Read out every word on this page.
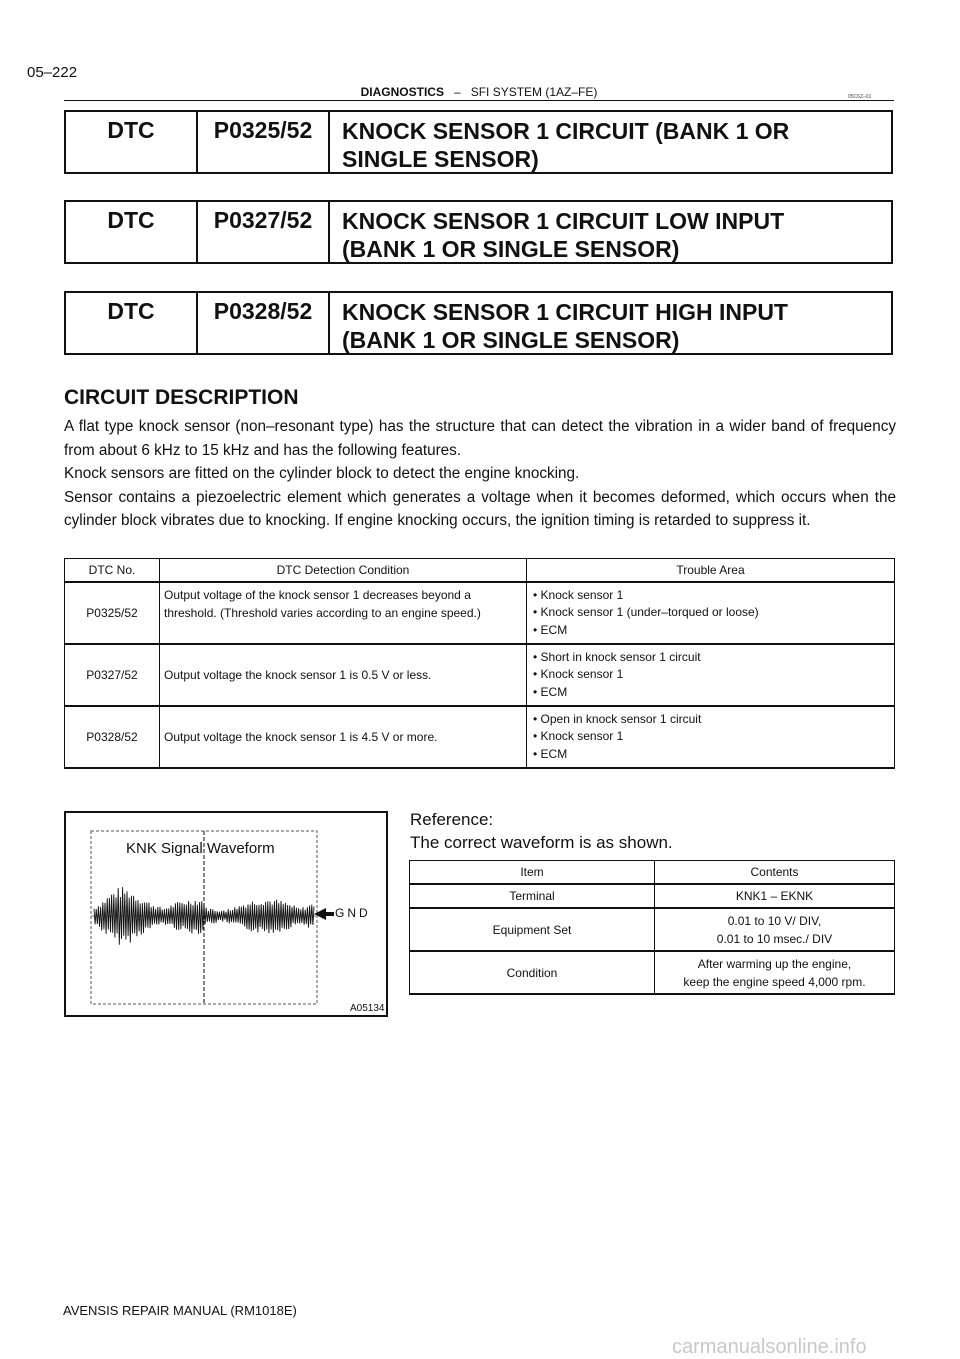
05–222
DIAGNOSTICS – SFI SYSTEM (1AZ–FE)	05C6Z–01
DTC	P0325/52	KNOCK SENSOR 1 CIRCUIT (BANK 1 OR
SINGLE SENSOR)
DTC	P0327/52	KNOCK SENSOR 1 CIRCUIT LOW INPUT
(BANK 1 OR SINGLE SENSOR)
DTC	P0328/52	KNOCK SENSOR 1 CIRCUIT HIGH INPUT
(BANK 1 OR SINGLE SENSOR)
CIRCUIT DESCRIPTION

A flat type knock sensor (non–resonant type) has the structure that can detect the vibration in a wider band of frequency from about 6 kHz to 15 kHz and has the following features.

Knock sensors are fitted on the cylinder block to detect the engine knocking.

Sensor contains a piezoelectric element which generates a voltage when it becomes deformed, which occurs when the cylinder block vibrates due to knocking. If engine knocking occurs, the ignition timing is retarded to suppress it.

DTC No.	DTC Detection Condition	Trouble Area
P0325/52	Output voltage of the knock sensor 1 decreases beyond a threshold. (Threshold varies according to an engine speed.)	• Knock sensor 1
• Knock sensor 1 (under–torqued or loose)
• ECM

P0327/52	Output voltage the knock sensor 1 is 0.5 V or less.	• Short in knock sensor 1 circuit
• Knock sensor 1
• ECM

P0328/52	Output voltage the knock sensor 1 is 4.5 V or more.	• Open in knock sensor 1 circuit
• Knock sensor 1
• ECM
KNK Signal Waveform
GND
A05134
Reference:
The correct waveform is as shown.
Item	Contents
Terminal	KNK1 – EKNK

Equipment Set	0.01 to 10 V/ DIV,
0.01 to 10 msec./ DIV

Condition	After warming up the engine,
keep the engine speed 4,000 rpm.
AVENSIS REPAIR MANUAL (RM1018E)
carmanualsonline.info
